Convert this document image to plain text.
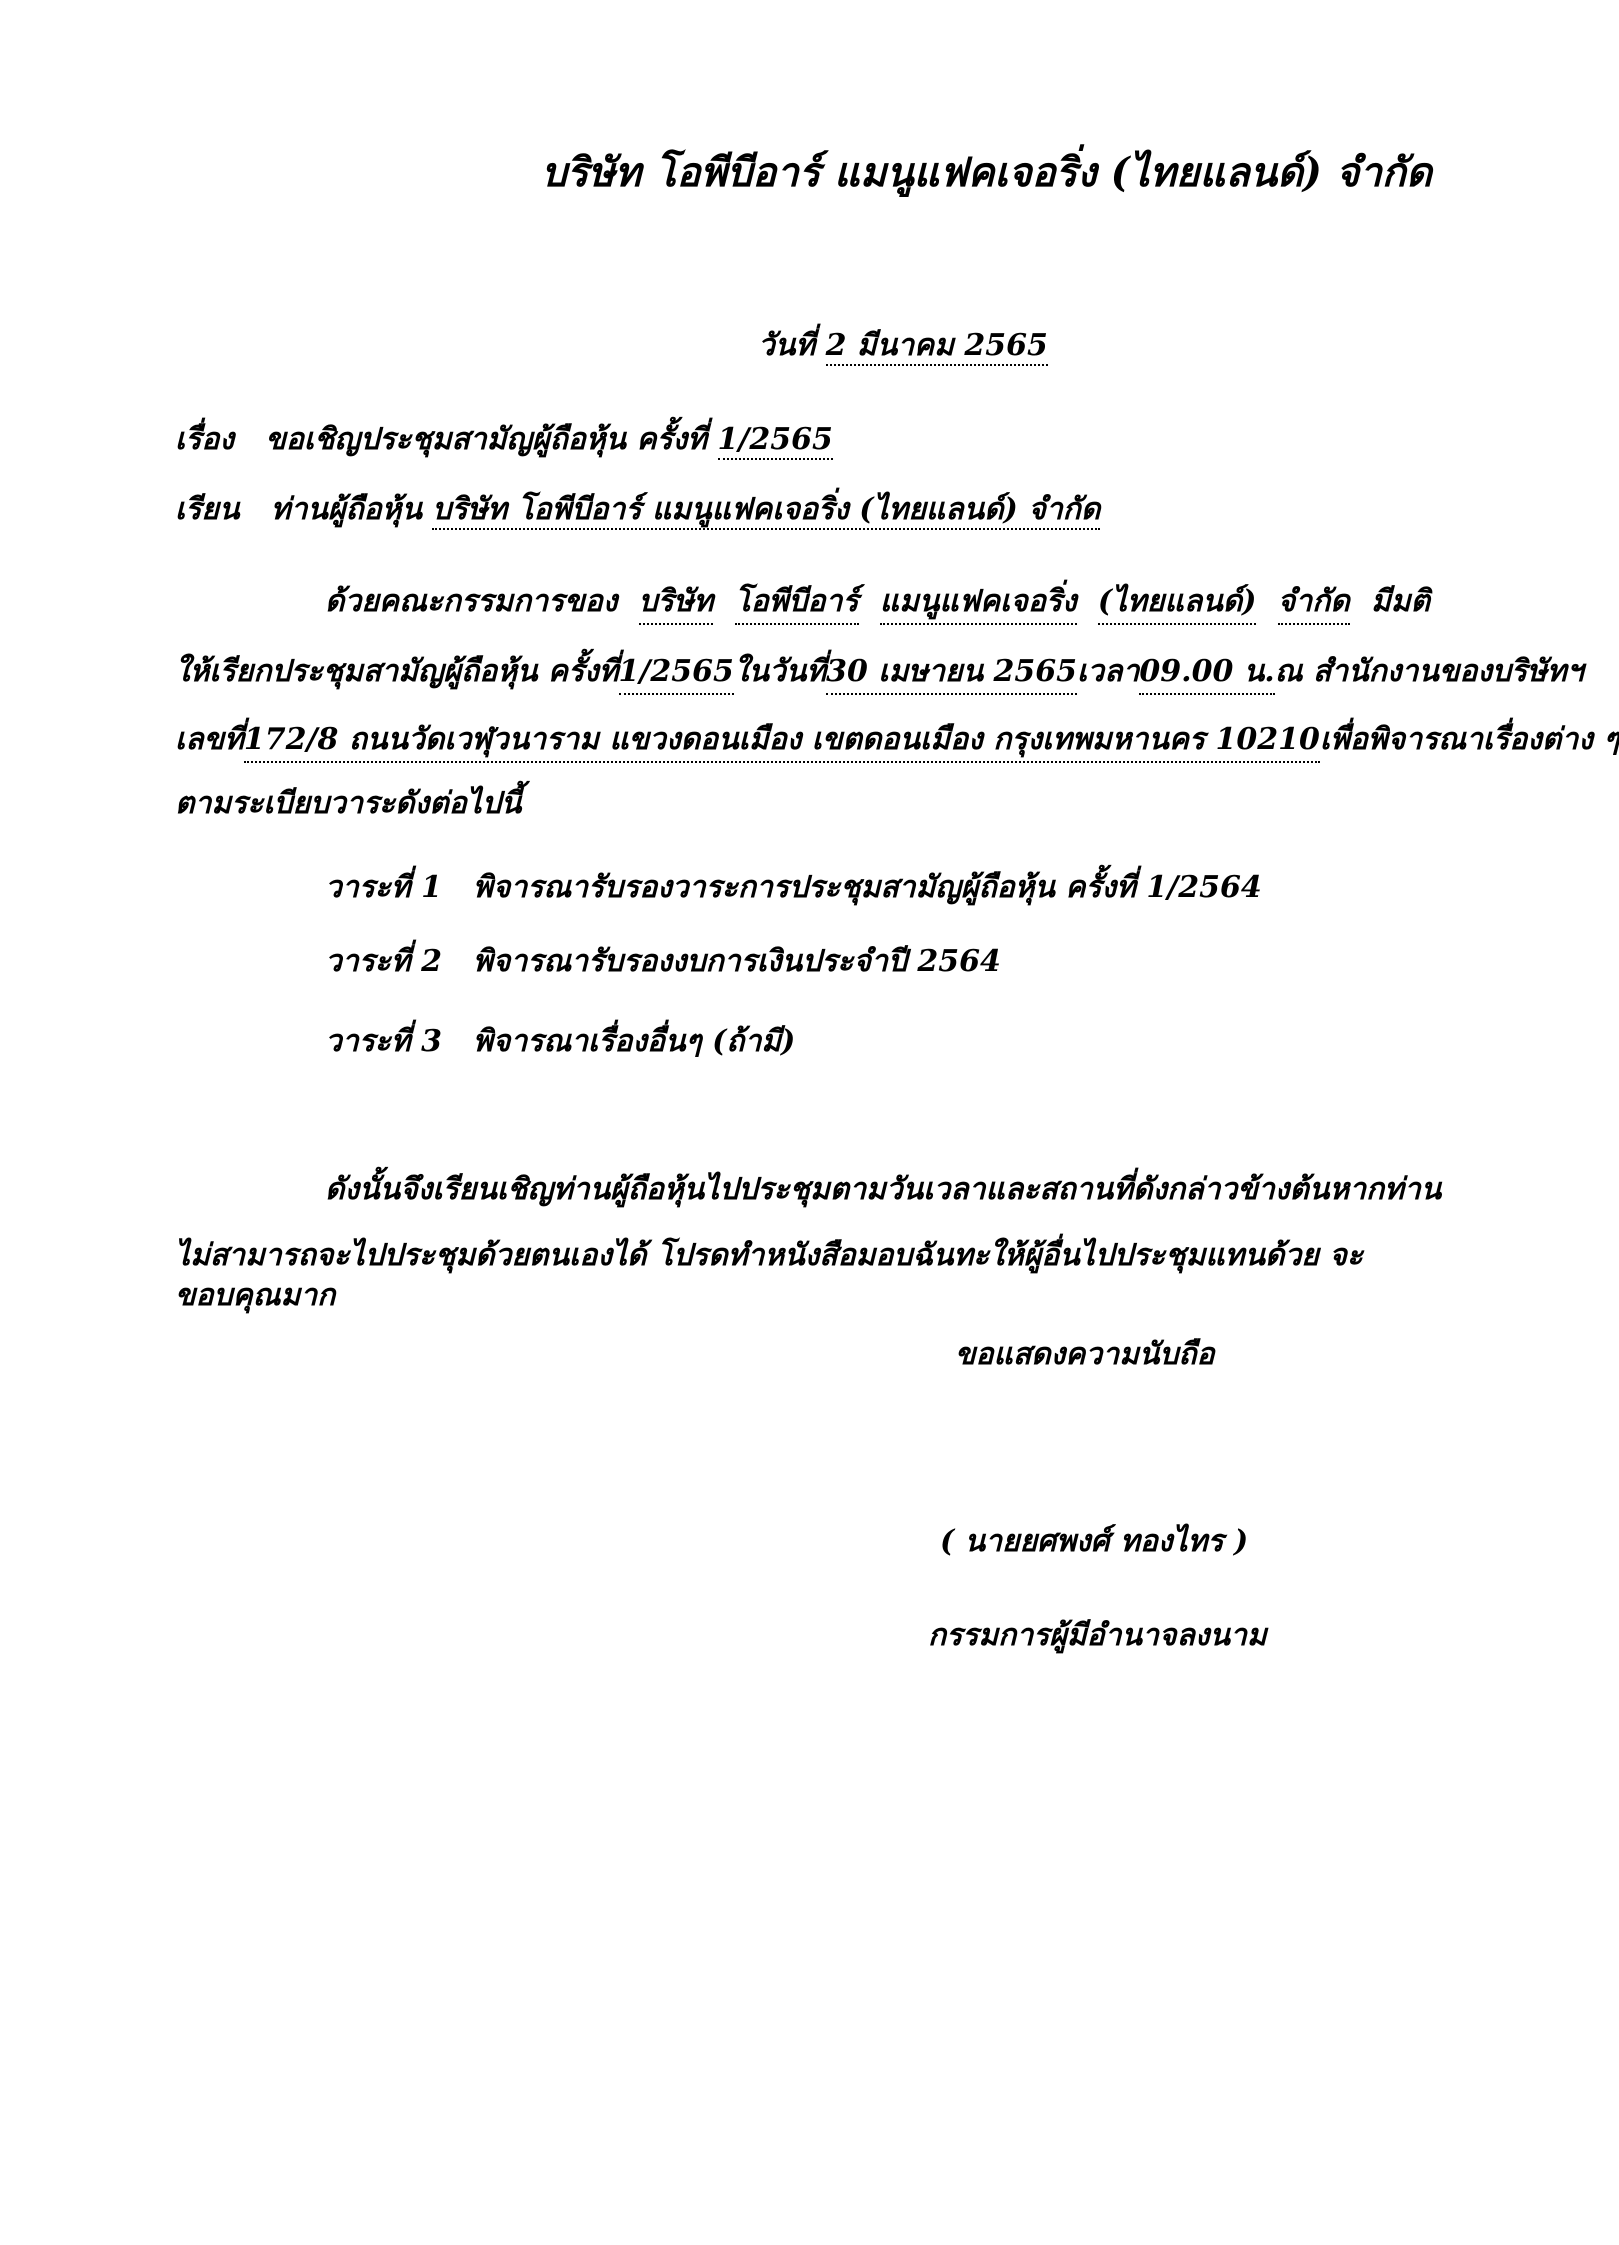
บริษัท โอพีบีอาร์ แมนูแฟคเจอริ่ง (ไทยแลนด์) จำกัด
วันที่ 2 มีนาคม 2565
เรื่อง ขอเชิญประชุมสามัญผู้ถือหุ้น ครั้งที่ 1/2565
เรียน ท่านผู้ถือหุ้น บริษัท โอพีบีอาร์ แมนูแฟคเจอริ่ง (ไทยแลนด์) จำกัด
ด้วยคณะกรรมการของ บริษัท โอพีบีอาร์ แมนูแฟคเจอริ่ง (ไทยแลนด์) จำกัด มีมติ
ให้เรียกประชุมสามัญผู้ถือหุ้น ครั้งที่ 1/2565 ในวันที่ 30 เมษายน 2565 เวลา 09.00 น. ณ สำนักงานของบริษัทฯ
เลขที่ 172/8 ถนนวัดเวฬุวนาราม แขวงดอนเมือง เขตดอนเมือง กรุงเทพมหานคร 10210 เพื่อพิจารณาเรื่องต่าง ๆ
ตามระเบียบวาระดังต่อไปนี้
วาระที่ 1 พิจารณารับรองวาระการประชุมสามัญผู้ถือหุ้น ครั้งที่ 1/2564
วาระที่ 2 พิจารณารับรองงบการเงินประจำปี 2564
วาระที่ 3 พิจารณาเรื่องอื่นๆ (ถ้ามี)
ดังนั้น จึงเรียนเชิญท่านผู้ถือหุ้นไปประชุมตามวัน เวลา และสถานที่ดังกล่าว ข้างต้น หากท่าน
ไม่สามารถจะไปประชุมด้วยตนเองได้ โปรดทำหนังสือมอบฉันทะให้ผู้อื่นไปประชุมแทนด้วย จะขอบคุณมาก
ขอแสดงความนับถือ
( นายยศพงศ์ ทองไทร )
กรรมการผู้มีอำนาจลงนาม
